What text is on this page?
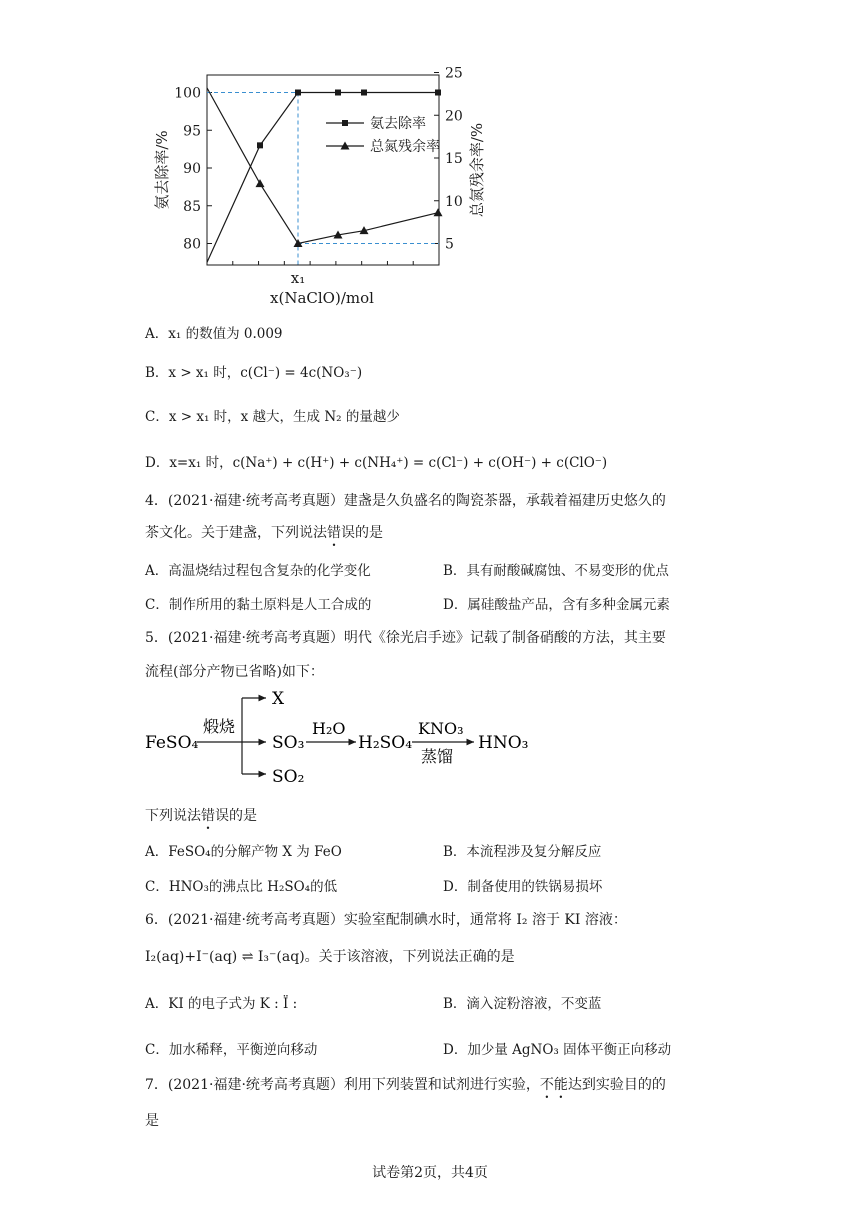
100
95
90
85
80
25
20
15
10
5
氨去除率/%	总氮残余率/%
x(NaClO)/mol
x₁
氨去除率
总氮残余率
A．x₁ 的数值为 0.009
B．x > x₁ 时，c(Cl⁻) = 4c(NO₃⁻)
C．x > x₁ 时，x 越大，生成 N₂ 的量越少
D．x=x₁ 时，c(Na⁺) + c(H⁺) + c(NH₄⁺) = c(Cl⁻) + c(OH⁻) + c(ClO⁻)
4．(2021·福建·统考高考真题）建盏是久负盛名的陶瓷茶器，承载着福建历史悠久的
茶文化。关于建盏，下列说法错误的是
A．高温烧结过程包含复杂的化学变化	B．具有耐酸碱腐蚀、不易变形的优点
C．制作所用的黏土原料是人工合成的	D．属硅酸盐产品，含有多种金属元素
5．(2021·福建·统考高考真题）明代《徐光启手迹》记载了制备硝酸的方法，其主要
流程(部分产物已省略)如下：
FeSO₄
煅烧
X
SO₃
SO₂
H₂O
H₂SO₄
KNO₃
蒸馏
HNO₃
下列说法错误的是
A．FeSO₄的分解产物 X 为 FeO	B．本流程涉及复分解反应
C．HNO₃的沸点比 H₂SO₄的低	D．制备使用的铁锅易损坏
6．(2021·福建·统考高考真题）实验室配制碘水时，通常将 I₂ 溶于 KI 溶液：
I₂(aq)+I⁻(aq) ⇌ I₃⁻(aq)。关于该溶液，下列说法正确的是
A．KI 的电子式为 K : Ï :	B．滴入淀粉溶液，不变蓝
C．加水稀释，平衡逆向移动	D．加少量 AgNO₃ 固体平衡正向移动
7．(2021·福建·统考高考真题）利用下列装置和试剂进行实验，不能达到实验目的的
是
试卷第2页，共4页
